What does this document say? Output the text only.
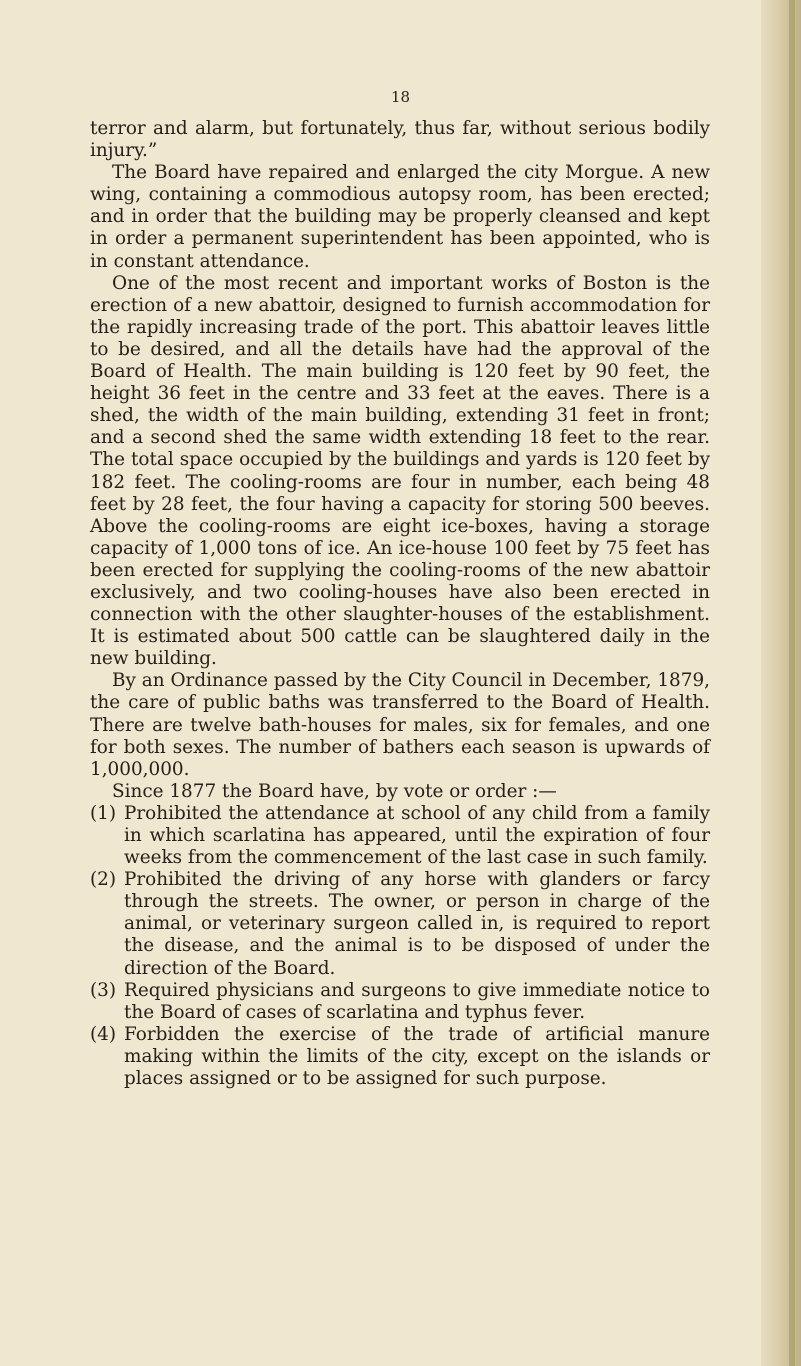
18

terror and alarm, but fortunately, thus far, without serious bodily injury.”

The Board have repaired and enlarged the city Morgue. A new wing, containing a commodious autopsy room, has been erected; and in order that the building may be properly cleansed and kept in order a permanent superintendent has been appointed, who is in constant attendance.

One of the most recent and important works of Boston is the erection of a new abattoir, designed to furnish accommodation for the rapidly increasing trade of the port. This abattoir leaves little to be desired, and all the details have had the approval of the Board of Health. The main building is 120 feet by 90 feet, the height 36 feet in the centre and 33 feet at the eaves. There is a shed, the width of the main building, extending 31 feet in front; and a second shed the same width extending 18 feet to the rear. The total space occupied by the buildings and yards is 120 feet by 182 feet. The cooling-rooms are four in number, each being 48 feet by 28 feet, the four having a capacity for storing 500 beeves. Above the cooling-rooms are eight ice-boxes, having a storage capacity of 1,000 tons of ice. An ice-house 100 feet by 75 feet has been erected for supplying the cooling-rooms of the new abattoir exclusively, and two cooling-houses have also been erected in connection with the other slaughter-houses of the establishment. It is estimated about 500 cattle can be slaughtered daily in the new building.

By an Ordinance passed by the City Council in December, 1879, the care of public baths was transferred to the Board of Health. There are twelve bath-houses for males, six for females, and one for both sexes. The number of bathers each season is upwards of 1,000,000.

Since 1877 the Board have, by vote or order :—

(1) Prohibited the attendance at school of any child from a family in which scarlatina has appeared, until the expiration of four weeks from the commencement of the last case in such family.
(2) Prohibited the driving of any horse with glanders or farcy through the streets. The owner, or person in charge of the animal, or veterinary surgeon called in, is required to report the disease, and the animal is to be disposed of under the direction of the Board.
(3) Required physicians and surgeons to give immediate notice to the Board of cases of scarlatina and typhus fever.
(4) Forbidden the exercise of the trade of artificial manure making within the limits of the city, except on the islands or places assigned or to be assigned for such purpose.
